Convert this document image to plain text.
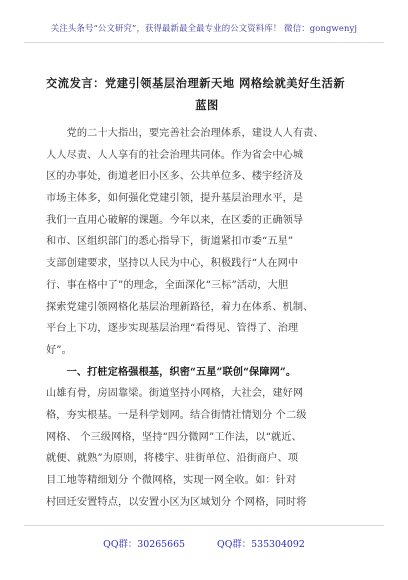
关注头条号“公文研究”，获得最新最全最专业的公文资料库！ 微信：gongwenyj
交流发言：党建引领基层治理新天地 网格绘就美好生活新
蓝图
　　党的二十大指出，要完善社会治理体系，建设人人有责、
人人尽责、人人享有的社会治理共同体。作为省会中心城
区的办事处，街道老旧小区多、公共单位多、楼宇经济及
市场主体多，如何强化党建引领，提升基层治理水平，是
我们一直用心破解的课题。今年以来，在区委的正确领导
和市、区组织部门的悉心指导下，街道紧扣市委“五星”
支部创建要求，坚持以人民为中心，积极践行“人在网中
行、事在格中了”的理念，全面深化“三标”活动，大胆
探索党建引领网格化基层治理新路径，着力在体系、机制、
平台上下功，逐步实现基层治理“看得见、管得了、治理
好”。
　　一、打桩定格强根基，织密“五星”联创“保障网”。
山雄有骨，房固靠梁。街道坚持小网格，大社会，建好网
格，夯实根基。一是科学划网。结合街情社情划分 个二级
网格、 个三级网格，坚持“四分微网”工作法，以“就近、
就便、就熟”为原则，将楼宇、驻街单位、沿街商户、项
目工地等精细划分 个微网格，实现一网全收。如：针对
村回迁安置特点，以安置小区为区域划分 个网格，同时将
QQ群：30265665	QQ群：535304092
